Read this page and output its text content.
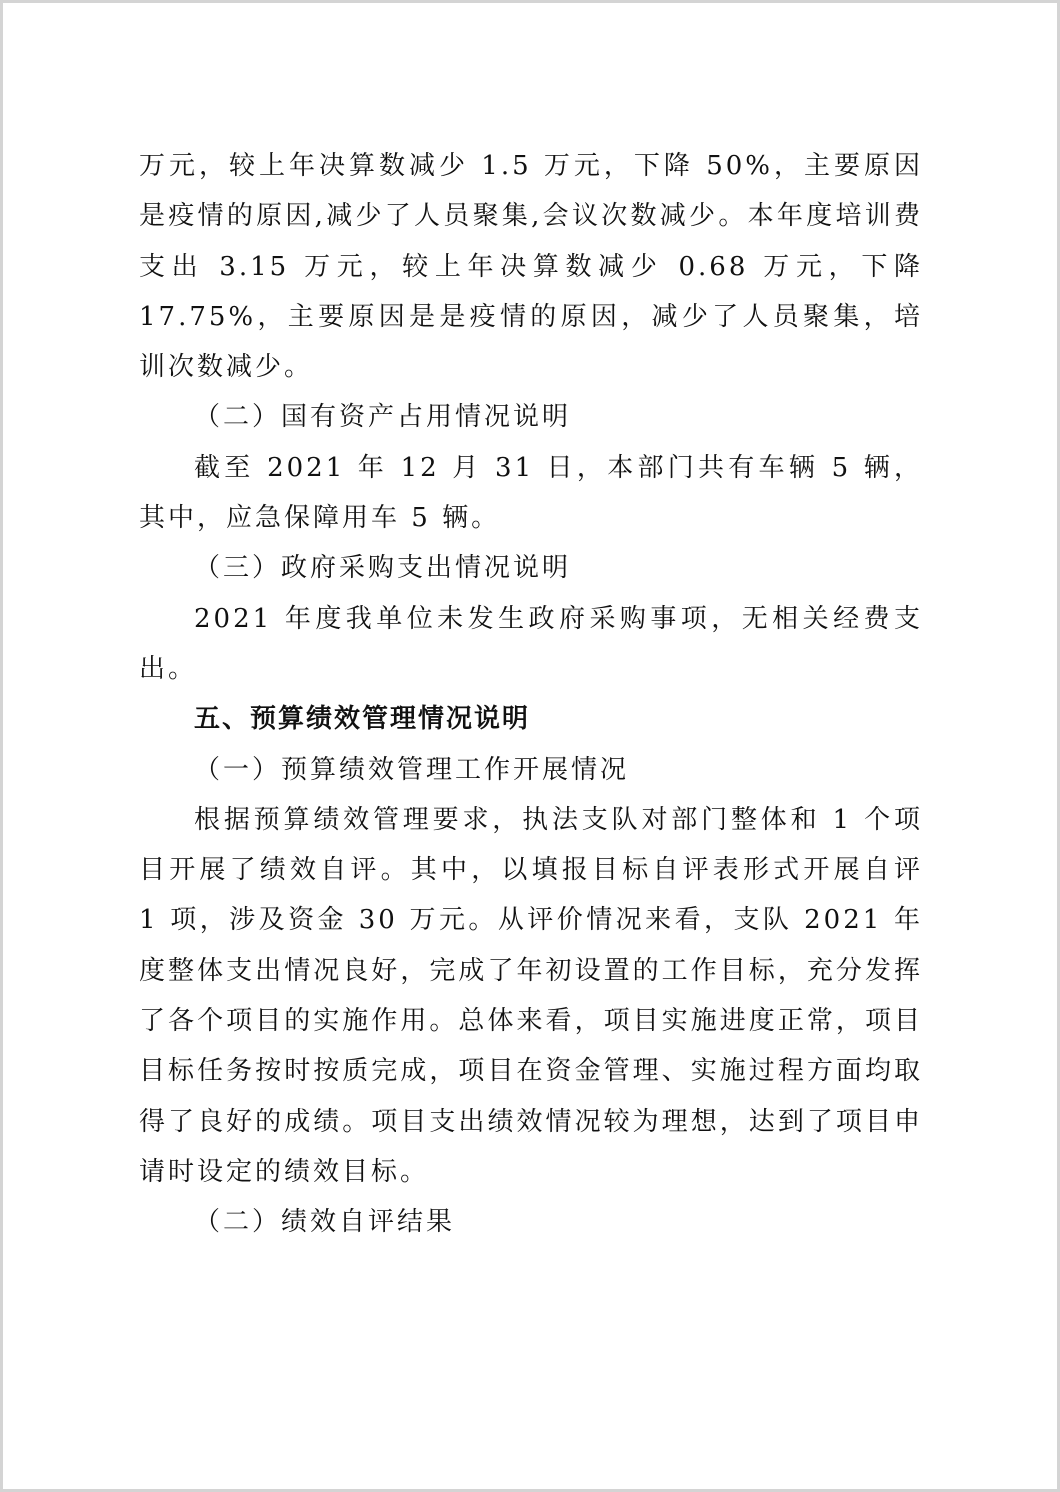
万元，较上年决算数减少 1.5 万元，下降 50%，主要原因是疫情的原因,减少了人员聚集,会议次数减少。本年度培训费支出 3.15 万元，较上年决算数减少 0.68 万元，下降 17.75%，主要原因是是疫情的原因，减少了人员聚集，培训次数减少。

（二）国有资产占用情况说明

截至 2021 年 12 月 31 日，本部门共有车辆 5 辆，其中，应急保障用车 5 辆。

（三）政府采购支出情况说明

2021 年度我单位未发生政府采购事项，无相关经费支出。

五、预算绩效管理情况说明

（一）预算绩效管理工作开展情况

根据预算绩效管理要求，执法支队对部门整体和 1 个项目开展了绩效自评。其中，以填报目标自评表形式开展自评 1 项，涉及资金 30 万元。从评价情况来看，支队 2021 年度整体支出情况良好，完成了年初设置的工作目标，充分发挥了各个项目的实施作用。总体来看，项目实施进度正常，项目目标任务按时按质完成，项目在资金管理、实施过程方面均取得了良好的成绩。项目支出绩效情况较为理想，达到了项目申请时设定的绩效目标。

（二）绩效自评结果
